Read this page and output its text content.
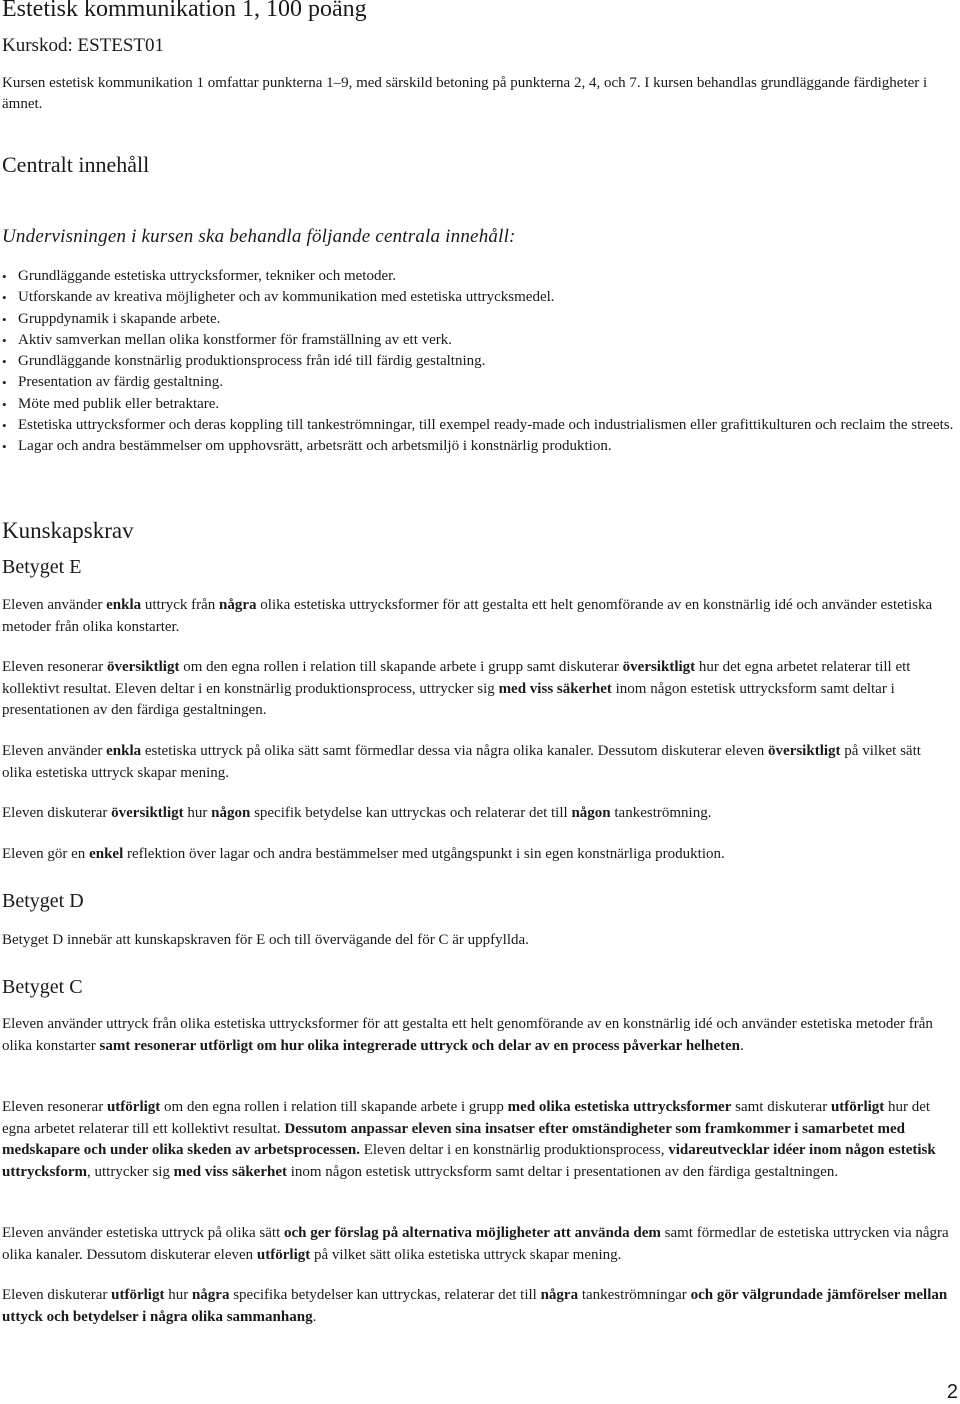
Estetisk kommunikation 1, 100 poäng
Kurskod: ESTEST01
Kursen estetisk kommunikation 1 omfattar punkterna 1–9, med särskild betoning på punkterna 2, 4, och 7. I kursen behandlas grundläggande färdigheter i ämnet.
Centralt innehåll
Undervisningen i kursen ska behandla följande centrala innehåll:
• Grundläggande estetiska uttrycksformer, tekniker och metoder.
• Utforskande av kreativa möjligheter och av kommunikation med estetiska uttrycksmedel.
• Gruppdynamik i skapande arbete.
• Aktiv samverkan mellan olika konstformer för framställning av ett verk.
• Grundläggande konstnärlig produktionsprocess från idé till färdig gestaltning.
• Presentation av färdig gestaltning.
• Möte med publik eller betraktare.
• Estetiska uttrycksformer och deras koppling till tankeströmningar, till exempel ready-made och industrialismen eller grafittikulturen och reclaim the streets.
• Lagar och andra bestämmelser om upphovsrätt, arbetsrätt och arbetsmiljö i konstnärlig produktion.
Kunskapskrav
Betyget E

Eleven använder enkla uttryck från några olika estetiska uttrycksformer för att gestalta ett helt genomförande av en konstnärlig idé och använder estetiska metoder från olika konstarter.

Eleven resonerar översiktligt om den egna rollen i relation till skapande arbete i grupp samt diskuterar översiktligt hur det egna arbetet relaterar till ett kollektivt resultat. Eleven deltar i en konstnärlig produktionsprocess, uttrycker sig med viss säkerhet inom någon estetisk uttrycksform samt deltar i presentationen av den färdiga gestaltningen.

Eleven använder enkla estetiska uttryck på olika sätt samt förmedlar dessa via några olika kanaler. Dessutom diskuterar eleven översiktligt på vilket sätt olika estetiska uttryck skapar mening.

Eleven diskuterar översiktligt hur någon specifik betydelse kan uttryckas och relaterar det till någon tankeströmning.

Eleven gör en enkel reflektion över lagar och andra bestämmelser med utgångspunkt i sin egen konstnärliga produktion.

Betyget D

Betyget D innebär att kunskapskraven för E och till övervägande del för C är uppfyllda.

Betyget C

Eleven använder uttryck från olika estetiska uttrycksformer för att gestalta ett helt genomförande av en konstnärlig idé och använder estetiska metoder från olika konstarter samt resonerar utförligt om hur olika integrerade uttryck och delar av en process påverkar helheten.

Eleven resonerar utförligt om den egna rollen i relation till skapande arbete i grupp med olika estetiska uttrycksformer samt diskuterar utförligt hur det egna arbetet relaterar till ett kollektivt resultat. Dessutom anpassar eleven sina insatser efter omständigheter som framkommer i samarbetet med medskapare och under olika skeden av arbetsprocessen. Eleven deltar i en konstnärlig produktionsprocess, vidareutvecklar idéer inom någon estetisk uttrycksform, uttrycker sig med viss säkerhet inom någon estetisk uttrycksform samt deltar i presentationen av den färdiga gestaltningen.

Eleven använder estetiska uttryck på olika sätt och ger förslag på alternativa möjligheter att använda dem samt förmedlar de estetiska uttrycken via några olika kanaler. Dessutom diskuterar eleven utförligt på vilket sätt olika estetiska uttryck skapar mening.

Eleven diskuterar utförligt hur några specifika betydelser kan uttryckas, relaterar det till några tankeströmningar och gör välgrundade jämförelser mellan uttyck och betydelser i några olika sammanhang.

2
